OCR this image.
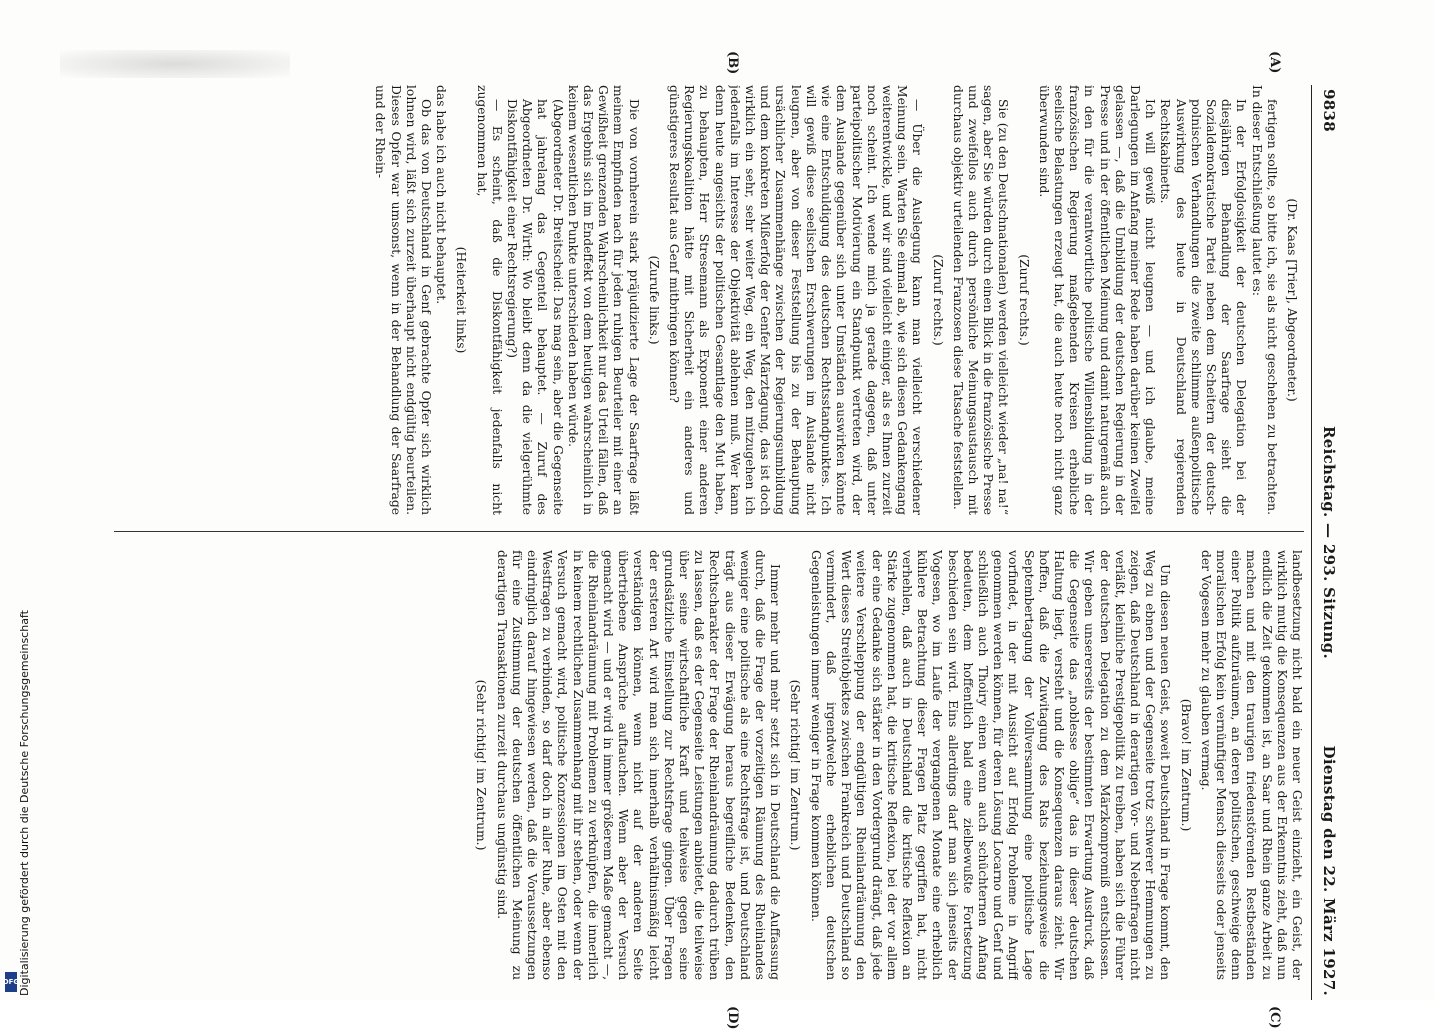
Digitalisierung gefördert durch die Deutsche Forschungsgemeinschaft
DFG
9838
Reichstag. — 293. Sitzung.
Dienstag den 22. März 1927.

(Dr. Kaas [Trier], Abgeordneter.)

fertigen sollte, so bitte ich, sie als nicht geschehen zu betrachten. In dieser Entschließung lautet es:

In der Erfolglosigkeit der deutschen Delegation bei der diesjährigen Behandlung der Saarfrage sieht die Sozialdemokratische Partei neben dem Scheitern der deutsch-polnischen Verhandlungen die zweite schlimme außenpolitische Auswirkung des heute in Deutschland regierenden Rechtskabinetts.

Ich will gewiß nicht leugnen — und ich glaube, meine Darlegungen im Anfang meiner Rede haben darüber keinen Zweifel gelassen —, daß die Umbildung der deutschen Regierung in der Presse und in der öffentlichen Meinung und damit naturgemäß auch in den für die verantwortliche politische Willensbildung in der französischen Regierung maßgebenden Kreisen erhebliche seelische Belastungen erzeugt hat, die auch heute noch nicht ganz überwunden sind.

(Zuruf rechts.)

Sie (zu den Deutschnationalen) werden vielleicht wieder „na! na!“ sagen, aber Sie würden durch einen Blick in die französische Presse und zweifellos auch durch persönliche Meinungsaustausch mit durchaus objektiv urteilenden Franzosen diese Tatsache feststellen.

(Zuruf rechts.)

— Über die Auslegung kann man vielleicht verschiedener Meinung sein. Warten Sie einmal ab, wie sich diesen Gedankengang weiterentwickle, und wir sind vielleicht einiger, als es Ihnen zurzeit noch scheint. Ich wende mich ja gerade dagegen, daß unter parteipolitischer Motivierung ein Standpunkt vertreten wird, der dem Auslande gegenüber sich unter Umständen auswirken könnte wie eine Entschuldigung des deutschen Rechtsstandpunktes. Ich will gewiß diese seelischen Erschwerungen im Auslande nicht leugnen, aber von dieser Feststellung bis zu der Behauptung ursächlicher Zusammenhänge zwischen der Regierungsumbildung und dem konkreten Mißerfolg der Genfer Märztagung, das ist doch wirklich ein sehr, sehr weiter Weg, ein Weg, den mitzugehen ich jedenfalls im Interesse der Objektivität ablehnen muß. Wer kann denn heute angesichts der politischen Gesamtlage den Mut haben, zu behaupten, Herr Stresemann als Exponent einer anderen Regierungskoalition hätte mit Sicherheit ein anderes und günstigeres Resultat aus Genf mitbringen können?

(Zurufe links.)

Die von vornherein stark präjudizierte Lage der Saarfrage läßt meinem Empfinden nach für jeden ruhigen Beurteiler mit einer an Gewißheit grenzenden Wahrscheinlichkeit nur das Urteil fällen, daß das Ergebnis sich im Endeffekt von dem heutigen wahrscheinlich in keinem wesentlichen Punkte unterschieden haben würde.

(Abgeordneter Dr. Breitscheid: Das mag sein, aber die Gegenseite hat jahrelang das Gegenteil behauptet. — Zuruf des Abgeordneten Dr. Wirth: Wo bleibt denn da die vielgerühmte Diskontfähigkeit einer Rechtsregierung?)

— Es scheint, daß die Diskontfähigkeit jedenfalls nicht zugenommen hat,

(Heiterkeit links)

das habe ich auch nicht behauptet.

Ob das von Deutschland in Genf gebrachte Opfer sich wirklich lohnen wird, läßt sich zurzeit überhaupt nicht endgültig beurteilen. Dieses Opfer war umsonst, wenn in der Behandlung der Saarfrage und der Rhein-

landbesetzung nicht bald ein neuer Geist einzieht, ein Geist, der wirklich mutig die Konsequenzen aus der Erkenntnis zieht, daß nun endlich die Zeit gekommen ist, an Saar und Rhein ganze Arbeit zu machen und mit den traurigen friedenstörenden Restbeständen einer Politik aufzuräumen, an deren politischen, geschweige denn moralischen Erfolg kein vernünftiger Mensch diesseits oder jenseits der Vogesen mehr zu glauben vermag.

(Bravo! im Zentrum.)

Um diesen neuen Geist, soweit Deutschland in Frage kommt, den Weg zu ebnen und der Gegenseite trotz schwerer Hemmungen zu zeigen, daß Deutschland in derartigen Vor- und Nebenfragen nicht verläßt, kleinliche Prestigepolitik zu treiben, haben sich die Führer der deutschen Delegation zu dem Märzkompromiß entschlossen. Wir geben unsererseits der bestimmten Erwartung Ausdruck, daß die Gegenseite das „noblesse oblige“ das in dieser deutschen Haltung liegt, versteht und die Konsequenzen daraus zieht. Wir hoffen, daß die Zuwitagung des Rats beziehungsweise die Septembertagung der Vollversammlung eine politische Lage vorfindet, in der mit Aussicht auf Erfolg Probleme in Angriff genommen werden können, für deren Lösung Locarno und Genf und schließlich auch Thoiry einen wenn auch schüchternen Anfang bedeuten, dem hoffentlich bald eine zielbewußte Fortsetzung beschieden sein wird. Eins allerdings darf man sich jenseits der Vogesen, wo im Laufe der vergangenen Monate eine erheblich kühlere Betrachtung dieser Fragen Platz gegriffen hat, nicht verhehlen, daß auch in Deutschland die kritische Reflexion an Stärke zugenommen hat, die kritische Reflexion, bei der vor allem der eine Gedanke sich stärker in den Vordergrund drängt, daß jede weitere Verschleppung der endgültigen Rheinlandräumung den Wert dieses Streitobjektes zwischen Frankreich und Deutschland so vermindert, daß irgendwelche erheblichen deutschen Gegenleistungen immer weniger in Frage kommen können.

(Sehr richtig! im Zentrum.)

Immer mehr und mehr setzt sich in Deutschland die Auffassung durch, daß die Frage der vorzeitigen Räumung des Rheinlandes weniger eine politische als eine Rechtsfrage ist, und Deutschland trägt aus dieser Erwägung heraus begreifliche Bedenken, den Rechtscharakter der Frage der Rheinlandräumung dadurch trüben zu lassen, daß es der Gegenseite Leistungen anbietet, die teilweise über seine wirtschaftliche Kraft und teilweise gegen seine grundsätzliche Einstellung zur Rechtsfrage gingen. Über Fragen der ersteren Art wird man sich innerhalb verhältnismäßig leicht verständigen können, wenn nicht auf der anderen Seite übertriebene Ansprüche auftauchen. Wenn aber der Versuch gemacht wird — und er wird in immer größerem Maße gemacht —, die Rheinlandräumung mit Problemen zu verknüpfen, die innerlich in keinem rechtlichen Zusammenhang mit ihr stehen, oder wenn der Versuch gemacht wird, politische Konzessionen im Osten mit den Westfragen zu verbinden, so darf doch in aller Ruhe, aber ebenso eindringlich darauf hingewiesen werden, daß die Voraussetzungen für eine Zustimmung der deutschen öffentlichen Meinung zu derartigen Transaktionen zurzeit durchaus ungünstig sind.

(Sehr richtig! im Zentrum.)

(A)
(B)
(C)
(D)
